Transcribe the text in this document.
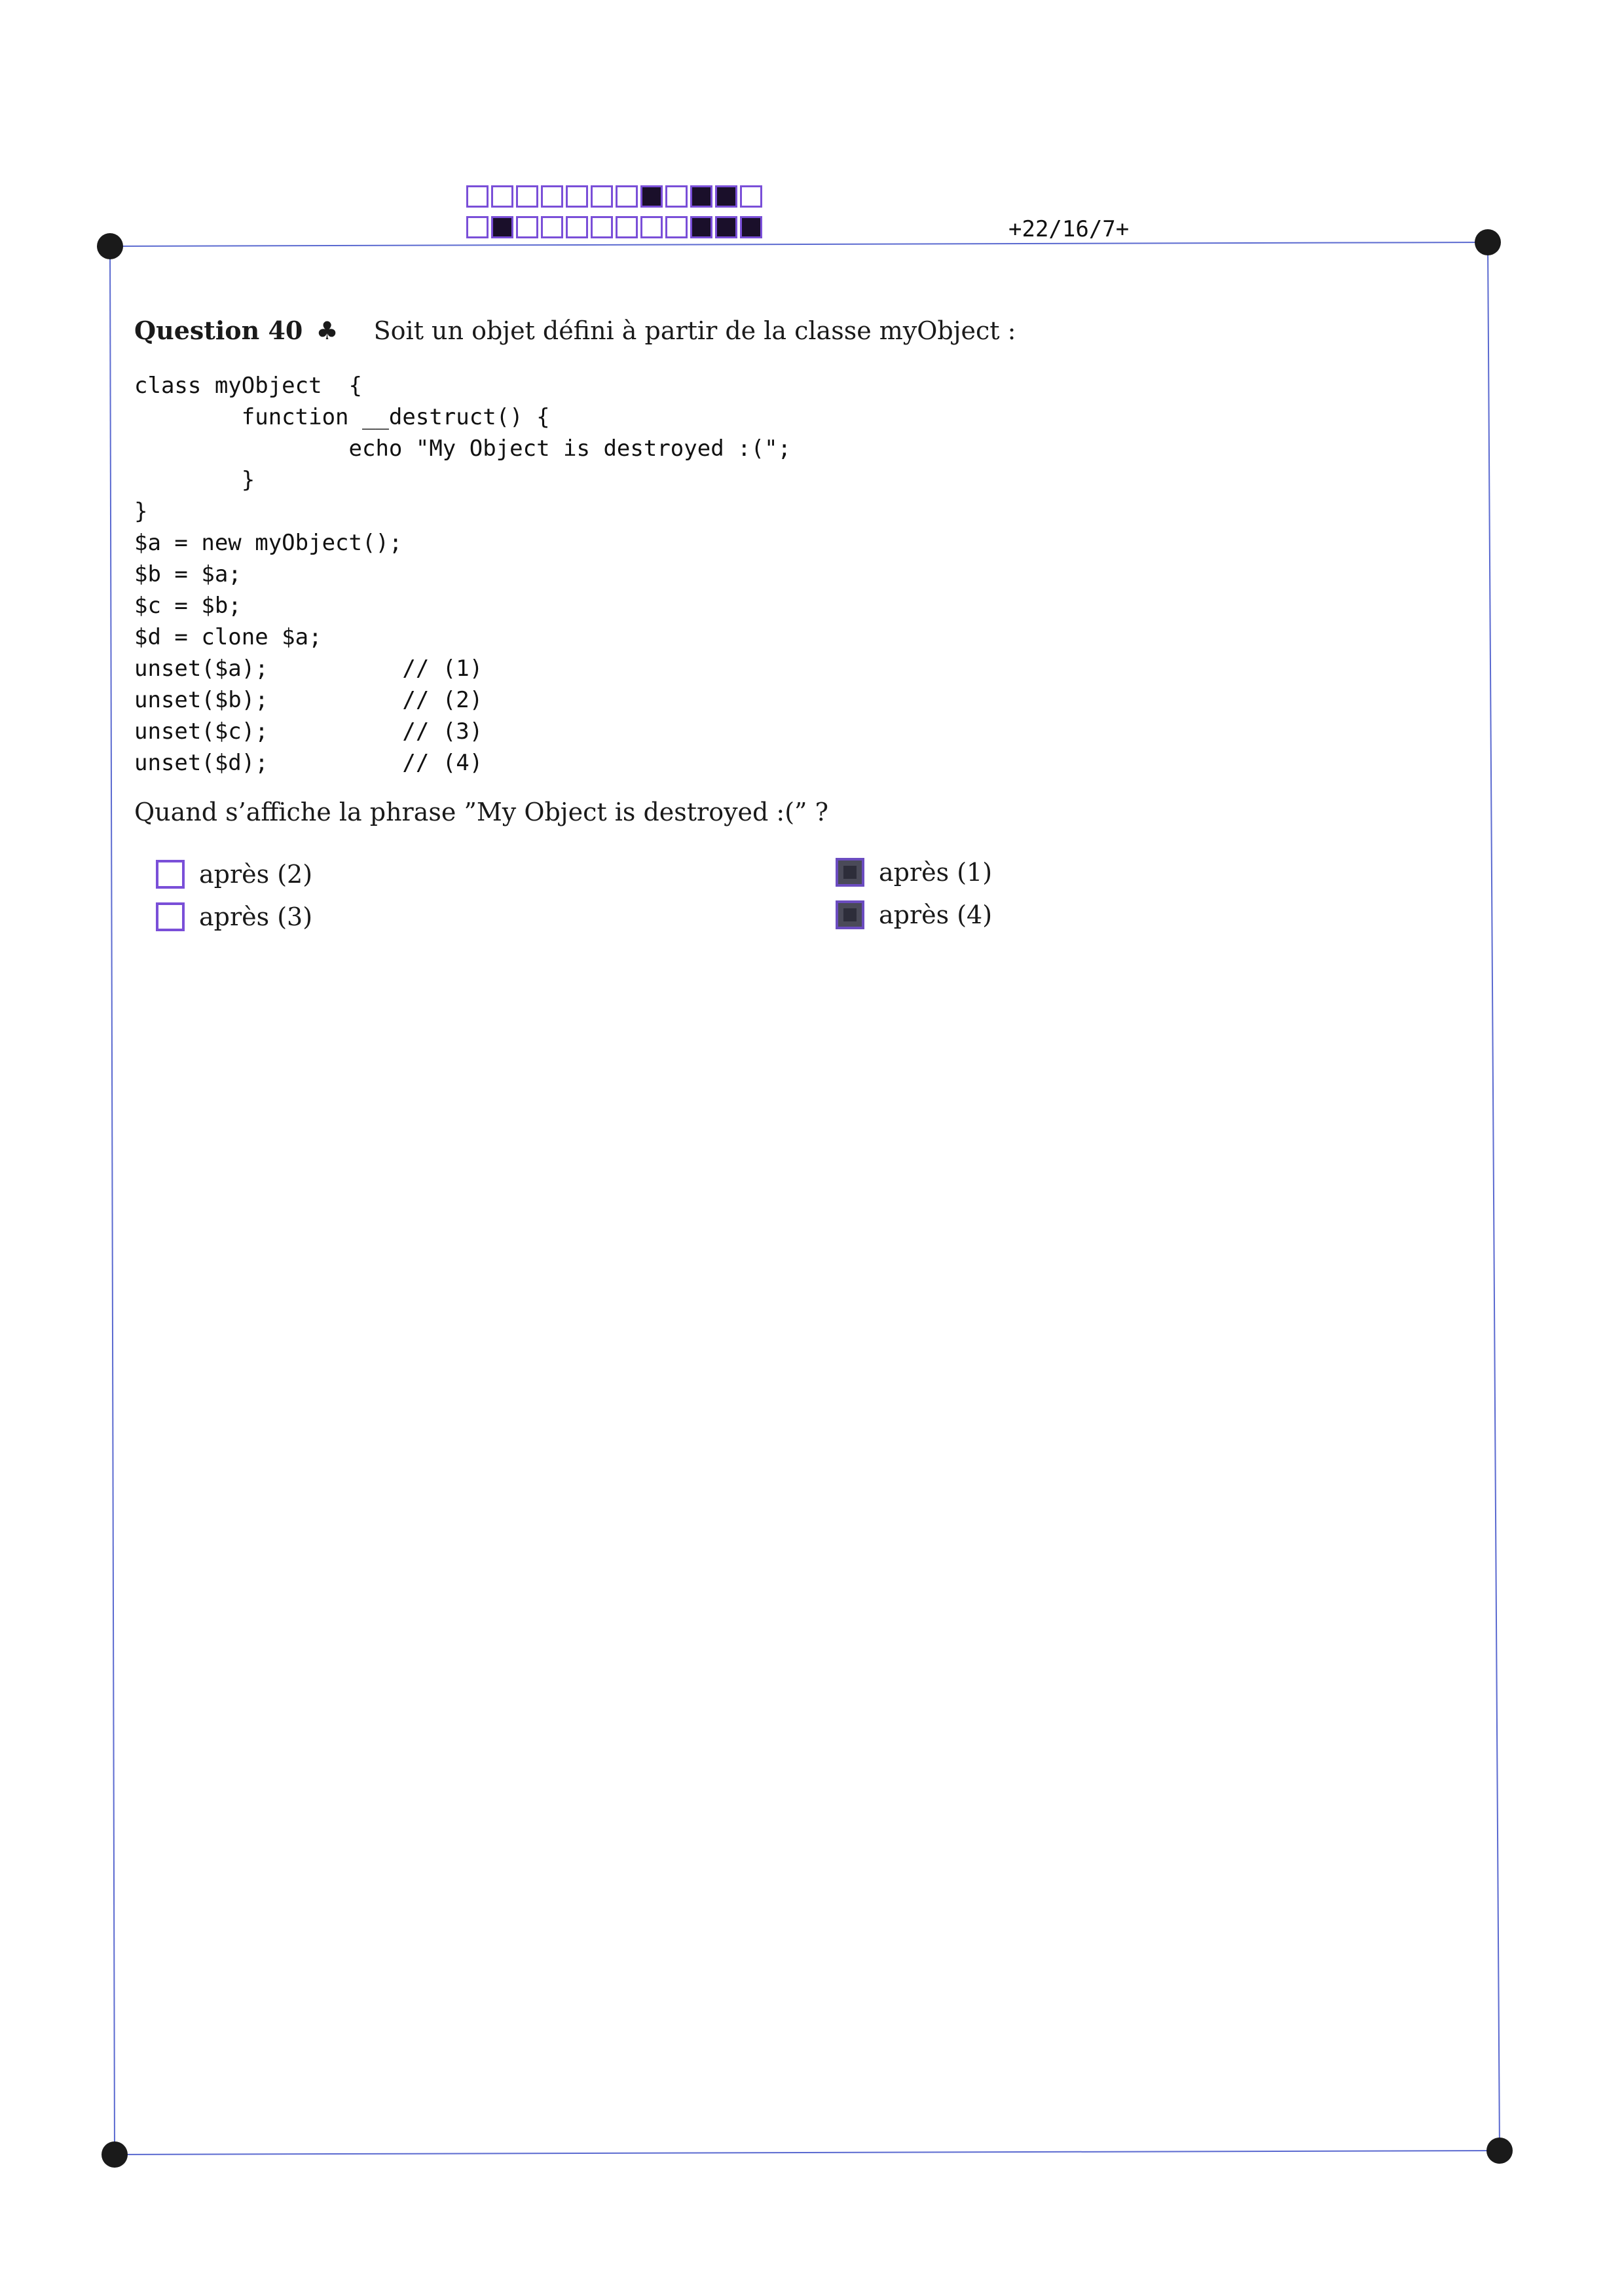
+22/16/7+
Question 40 ♣ Soit un objet défini à partir de la classe myObject :
class myObject  {
function __destruct() {
echo "My Object is destroyed :(";
}
}
$a = new myObject();
$b = $a;
$c = $b;
$d = clone $a;
unset($a);          // (1)
unset($b);          // (2)
unset($c);          // (3)
unset($d);          // (4)
Quand s’affiche la phrase ”My Object is destroyed :(” ?
après (2)
après (3)
après (1)
après (4)
